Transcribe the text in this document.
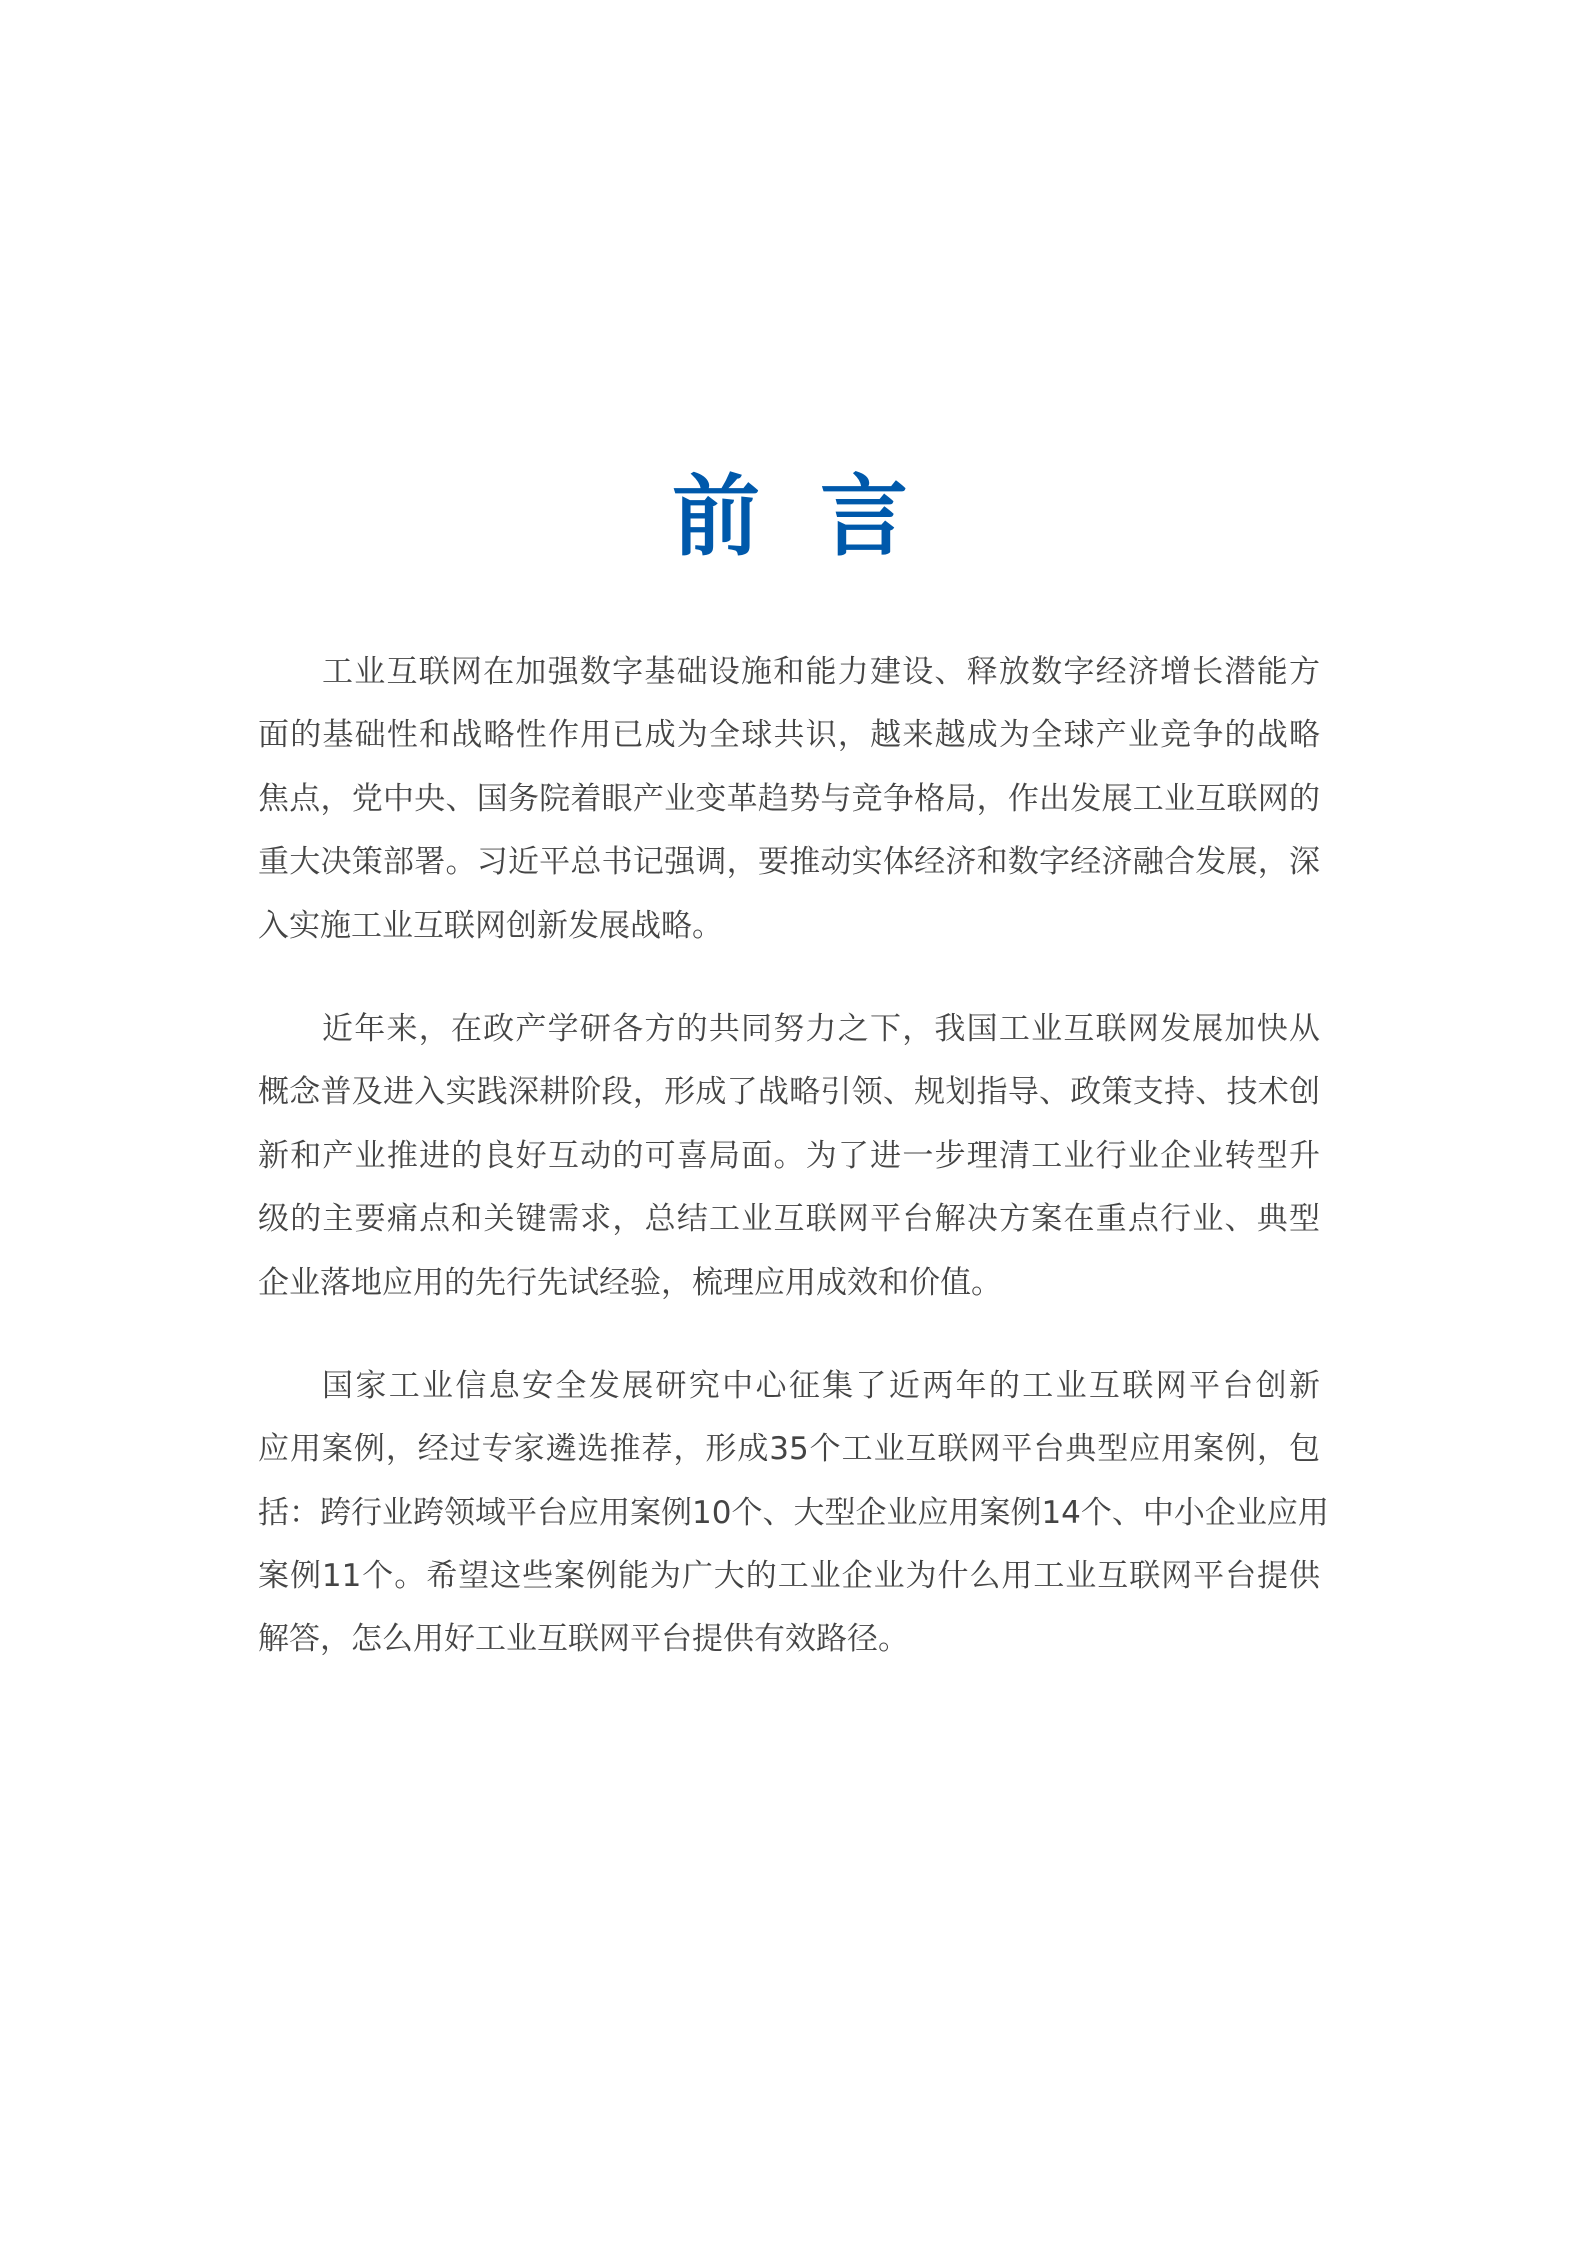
前 言
工业互联网在加强数字基础设施和能力建设、释放数字经济增长潜能方
面的基础性和战略性作用已成为全球共识，越来越成为全球产业竞争的战略
焦点，党中央、国务院着眼产业变革趋势与竞争格局，作出发展工业互联网的
重大决策部署。习近平总书记强调，要推动实体经济和数字经济融合发展，深
入实施工业互联网创新发展战略。
近年来，在政产学研各方的共同努力之下，我国工业互联网发展加快从
概念普及进入实践深耕阶段，形成了战略引领、规划指导、政策支持、技术创
新和产业推进的良好互动的可喜局面。为了进一步理清工业行业企业转型升
级的主要痛点和关键需求，总结工业互联网平台解决方案在重点行业、典型
企业落地应用的先行先试经验，梳理应用成效和价值。
国家工业信息安全发展研究中心征集了近两年的工业互联网平台创新
应用案例，经过专家遴选推荐，形成35个工业互联网平台典型应用案例，包
括：跨行业跨领域平台应用案例10个、大型企业应用案例14个、中小企业应用
案例11个。希望这些案例能为广大的工业企业为什么用工业互联网平台提供
解答，怎么用好工业互联网平台提供有效路径。
